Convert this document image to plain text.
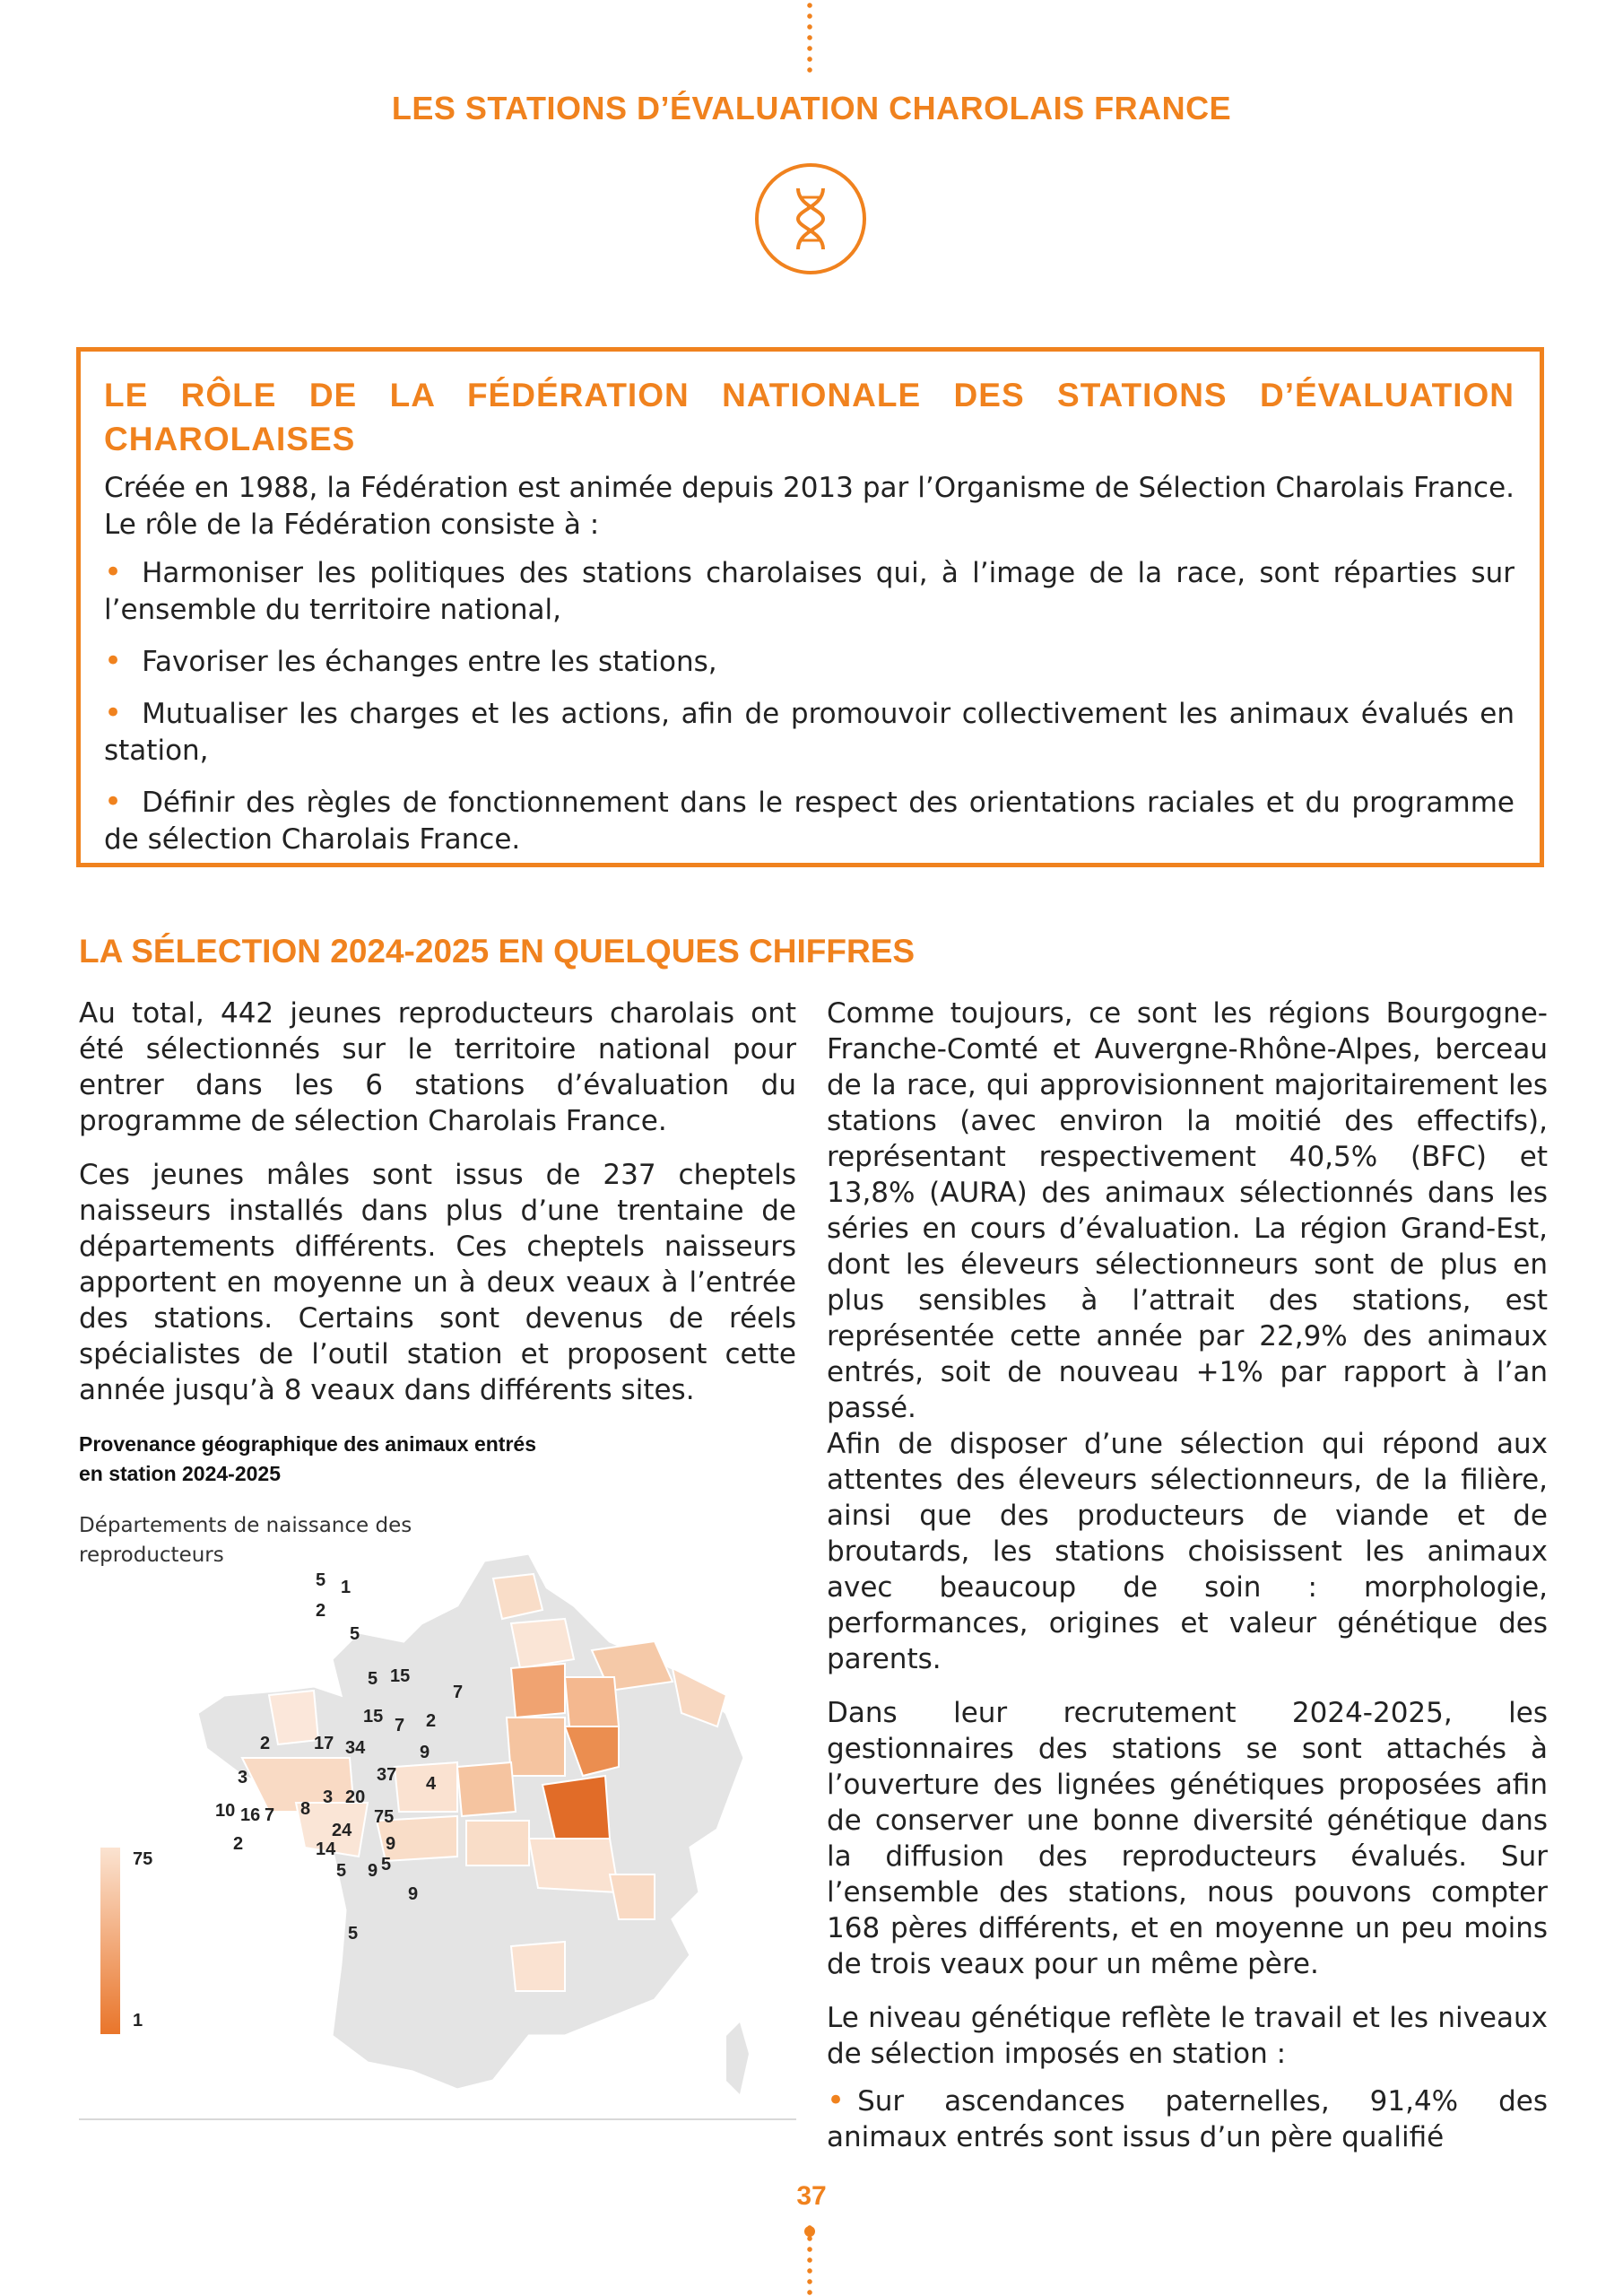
LES STATIONS D’ÉVALUATION CHAROLAIS FRANCE
LE RÔLE DE LA FÉDÉRATION NATIONALE DES STATIONS D’ÉVALUATION CHAROLAISES

Créée en 1988, la Fédération est animée depuis 2013 par l’Organisme de Sélection Charolais France. Le rôle de la Fédération consiste à :

• Harmoniser les politiques des stations charolaises qui, à l’image de la race, sont réparties sur l’ensemble du territoire national,
• Favoriser les échanges entre les stations,
• Mutualiser les charges et les actions, afin de promouvoir collectivement les animaux évalués en station,
• Définir des règles de fonctionnement dans le respect des orientations raciales et du programme de sélection Charolais France.
LA SÉLECTION 2024-2025 EN QUELQUES CHIFFRES

Au total, 442 jeunes reproducteurs charolais ont été sélectionnés sur le territoire national pour entrer dans les 6 stations d’évaluation du programme de sélection Charolais France.

Ces jeunes mâles sont issus de 237 cheptels naisseurs installés dans plus d’une trentaine de départements différents. Ces cheptels naisseurs apportent en moyenne un à deux veaux à l’entrée des stations. Certains sont devenus de réels spécialistes de l’outil station et proposent cette année jusqu’à 8 veaux dans différents sites.

Provenance géographique des animaux entrés en station 2024-2025
Départements de naissance des reproducteurs
5 1
2
5
5 15
7
15 7 2
17 34	9
2
37
3	4
3 20
75
10 16 7 8
24
14	9
2
5 9 5
9
5
75
1

Comme toujours, ce sont les régions Bourgogne-Franche-Comté et Auvergne-Rhône-Alpes, berceau de la race, qui approvisionnent majoritairement les stations (avec environ la moitié des effectifs), représentant respectivement 40,5% (BFC) et 13,8% (AURA) des animaux sélectionnés dans les séries en cours d’évaluation. La région Grand-Est, dont les éleveurs sélectionneurs sont de plus en plus sensibles à l’attrait des stations, est représentée cette année par 22,9% des animaux entrés, soit de nouveau +1% par rapport à l’an passé.

Afin de disposer d’une sélection qui répond aux attentes des éleveurs sélectionneurs, de la filière, ainsi que des producteurs de viande et de broutards, les stations choisissent les animaux avec beaucoup de soin : morphologie, performances, origines et valeur génétique des parents.

Dans leur recrutement 2024-2025, les gestionnaires des stations se sont attachés à l’ouverture des lignées génétiques proposées afin de conserver une bonne diversité génétique dans la diffusion des reproducteurs évalués. Sur l’ensemble des stations, nous pouvons compter 168 pères différents, et en moyenne un peu moins de trois veaux pour un même père.

Le niveau génétique reflète le travail et les niveaux de sélection imposés en station :

• Sur ascendances paternelles, 91,4% des animaux entrés sont issus d’un père qualifié

37
